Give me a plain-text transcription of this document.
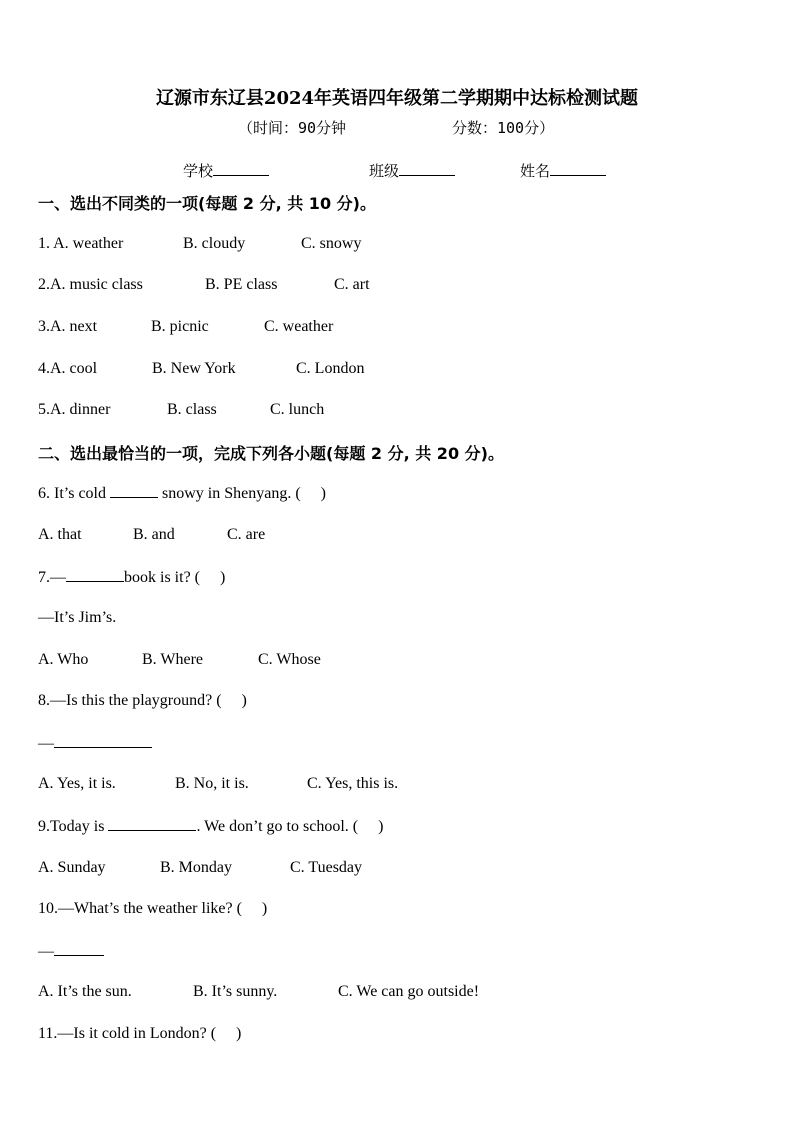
辽源市东辽县2024年英语四年级第二学期期中达标检测试题
（时间：90分钟	分数：100分）
学校	班级	姓名
一、选出不同类的一项(每题 2 分, 共 10 分)。
1. A. weather	B. cloudy	C. snowy
2.A. music class	B. PE class	C. art
3.A. next	B. picnic	C. weather
4.A. cool	B. New York	C. London
5.A. dinner	B. class	C. lunch
二、选出最恰当的一项，完成下列各小题(每题 2 分, 共 20 分)。
6. It’s cold	snowy in Shenyang. (　 )
A. that	B. and	C. are
7.—	book is it? (　 )
—It’s Jim’s.
A. Who	B. Where	C. Whose
8.—Is this the playground? (　 )
—
A. Yes, it is.	B. No, it is.	C. Yes, this is.
9.Today is	. We don’t go to school. (　 )
A. Sunday	B. Monday	C. Tuesday
10.—What’s the weather like? (　 )
—
A. It’s the sun.	B. It’s sunny.	C. We can go outside!
11.—Is it cold in London? (　 )
